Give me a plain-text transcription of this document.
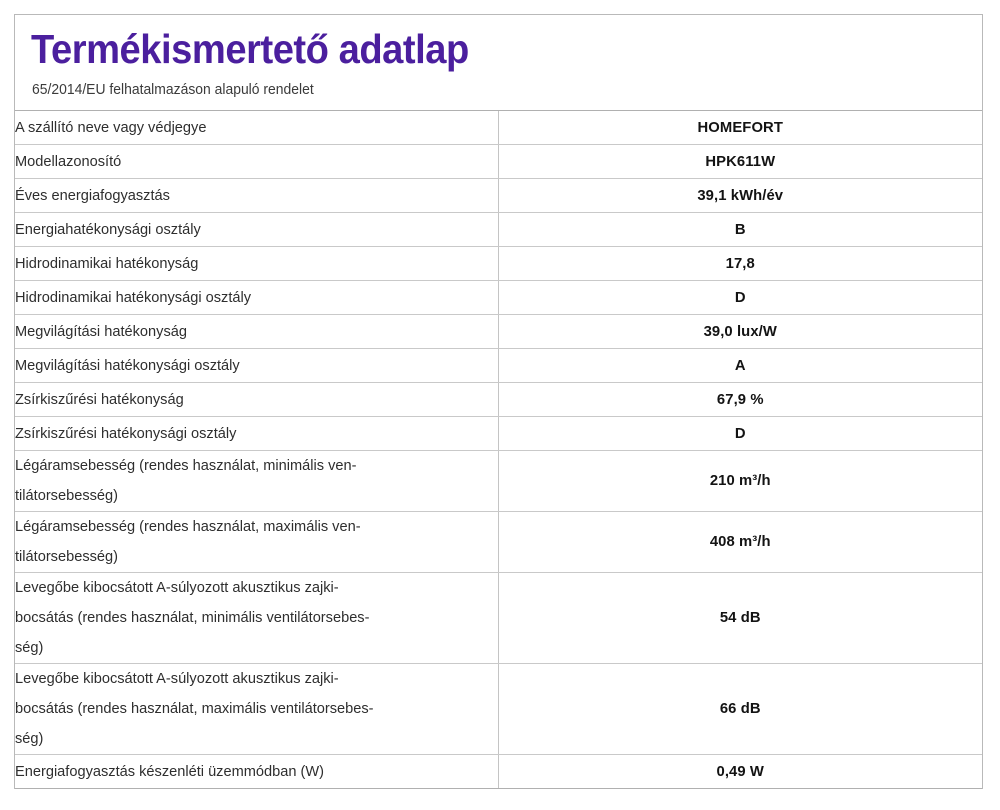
Termékismertető adatlap
65/2014/EU felhatalmazáson alapuló rendelet
A szállító neve vagy védjegye	HOMEFORT

Modellazonosító	HPK611W

Éves energiafogyasztás	39,1 kWh/év

Energiahatékonysági osztály	B

Hidrodinamikai hatékonyság	17,8

Hidrodinamikai hatékonysági osztály	D

Megvilágítási hatékonyság	39,0 lux/W

Megvilágítási hatékonysági osztály	A

Zsírkiszűrési hatékonyság	67,9 %

Zsírkiszűrési hatékonysági osztály	D

Légáramsebesség (rendes használat, minimális ven-
tilátorsebesség)	210 m³/h

Légáramsebesség (rendes használat, maximális ven-
tilátorsebesség)	408 m³/h

Levegőbe kibocsátott A-súlyozott akusztikus zajki-
bocsátás (rendes használat, minimális ventilátorsebes-
ség)	54 dB

Levegőbe kibocsátott A-súlyozott akusztikus zajki-
bocsátás (rendes használat, maximális ventilátorsebes-
ség)	66 dB

Energiafogyasztás készenléti üzemmódban (W)	0,49 W
